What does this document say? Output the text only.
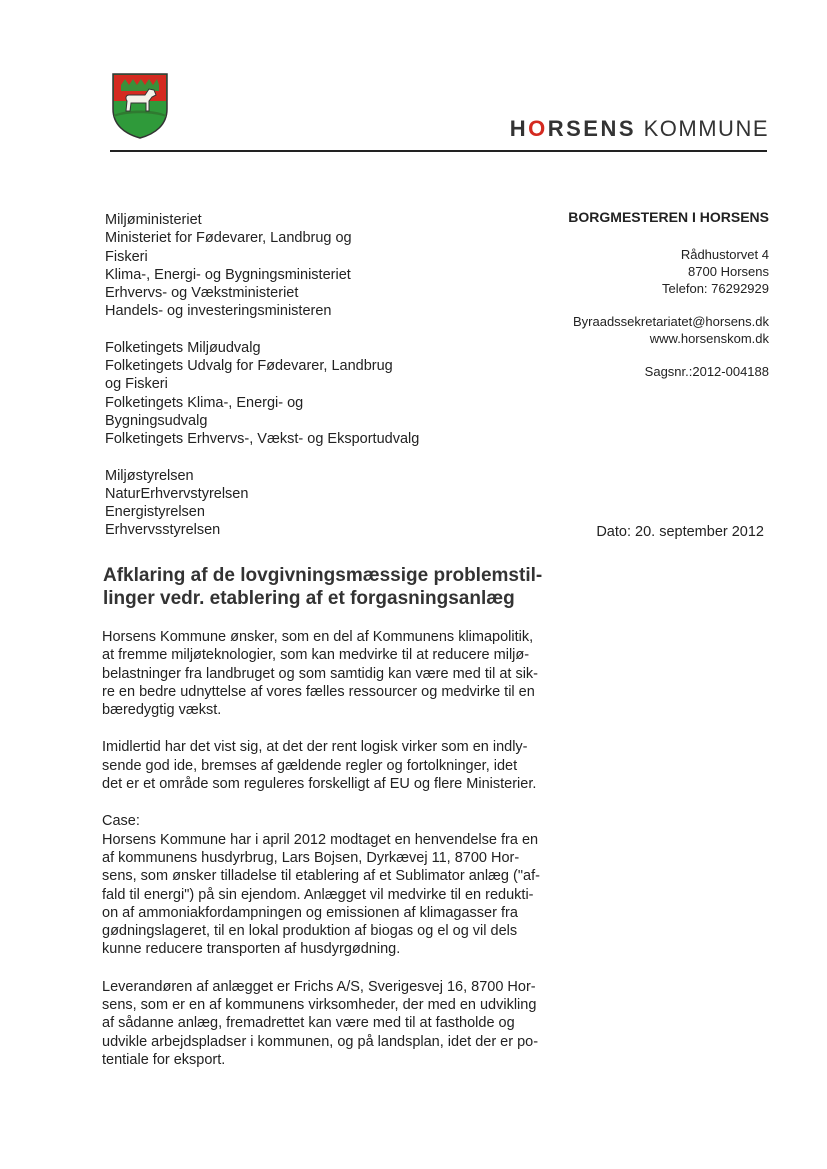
HORSENS KOMMUNE
Miljøministeriet
Ministeriet for Fødevarer, Landbrug og
Fiskeri
Klima-, Energi- og Bygningsministeriet
Erhvervs- og Vækstministeriet
Handels- og investeringsministeren
Folketingets Miljøudvalg
Folketingets Udvalg for Fødevarer, Landbrug
og Fiskeri
Folketingets Klima-, Energi- og
Bygningsudvalg
Folketingets Erhvervs-, Vækst- og Eksportudvalg
Miljøstyrelsen
NaturErhvervstyrelsen
Energistyrelsen
Erhvervsstyrelsen
BORGMESTEREN I HORSENS
Rådhustorvet 4
8700 Horsens
Telefon: 76292929
Byraadssekretariatet@horsens.dk
www.horsenskom.dk
Sagsnr.:2012-004188
Dato: 20. september 2012
Afklaring af de lovgivningsmæssige problemstil-linger vedr. etablering af et forgasningsanlæg

Horsens Kommune ønsker, som en del af Kommunens klimapolitik,
at fremme miljøteknologier, som kan medvirke til at reducere miljø-
belastninger fra landbruget og som samtidig kan være med til at sik-
re en bedre udnyttelse af vores fælles ressourcer og medvirke til en
bæredygtig vækst.

Imidlertid har det vist sig, at det der rent logisk virker som en indly-
sende god ide, bremses af gældende regler og fortolkninger, idet
det er et område som reguleres forskelligt af EU og flere Ministerier.

Case:
Horsens Kommune har i april 2012 modtaget en henvendelse fra en
af kommunens husdyrbrug, Lars Bojsen, Dyrkævej 11, 8700 Hor-
sens, som ønsker tilladelse til etablering af et Sublimator anlæg ("af-
fald til energi") på sin ejendom. Anlægget vil medvirke til en redukti-
on af ammoniakfordampningen og emissionen af klimagasser fra
gødningslageret, til en lokal produktion af biogas og el og vil dels
kunne reducere transporten af husdyrgødning.

Leverandøren af anlægget er Frichs A/S, Sverigesvej 16, 8700 Hor-
sens, som er en af kommunens virksomheder, der med en udvikling
af sådanne anlæg, fremadrettet kan være med til at fastholde og
udvikle arbejdspladser i kommunen, og på landsplan, idet der er po-
tentiale for eksport.
